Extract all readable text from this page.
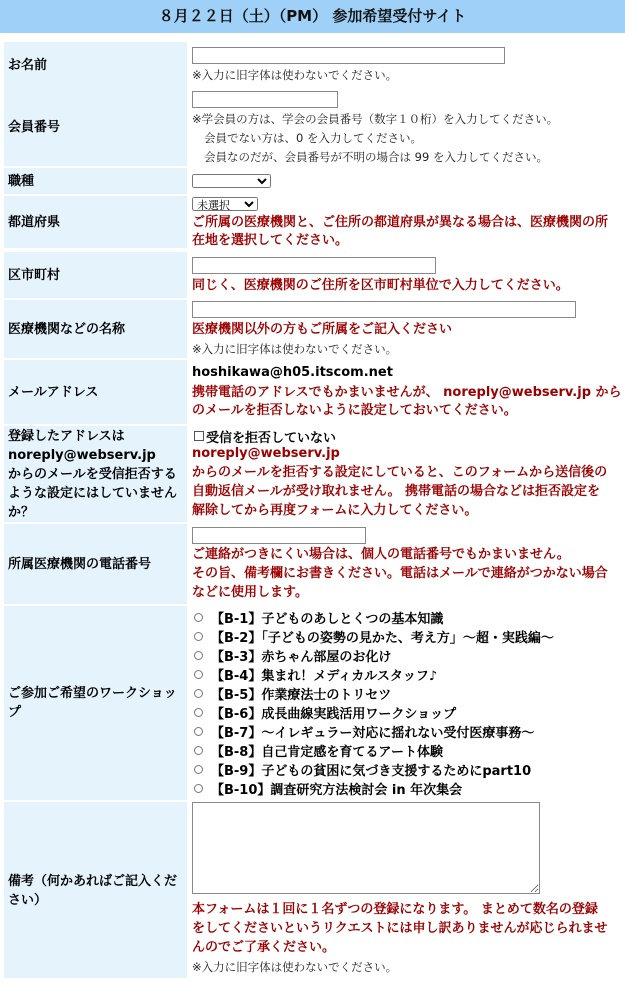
８月２２日（土）（PM） 参加希望受付サイト
お名前
※入力に旧字体は使わないでください。
会員番号
※学会員の方は、学会の会員番号（数字１０桁）を入力してください。
会員でない方は、0 を入力してください。
会員なのだが、会員番号が不明の場合は 99 を入力してください。
職種
都道府県
未選択	ご所属の医療機関と、ご住所の都道府県が異なる場合は、医療機関の所
在地を選択してください。
区市町村
同じく、医療機関のご住所を区市町村単位で入力してください。
医療機関などの名称	医療機関以外の方もご所属をご記入ください
※入力に旧字体は使わないでください。
メールアドレス
hoshikawa@h05.itscom.net
携帯電話のアドレスでもかまいませんが、 noreply@webserv.jp から
のメールを拒否しないように設定しておいてください。
登録したアドレスは
noreply@webserv.jp
からのメールを受信拒否する
ような設定にはしていません
か？
受信を拒否していない
noreply@webserv.jp
からのメールを拒否する設定にしていると、このフォームから送信後の
自動返信メールが受け取れません。 携帯電話の場合などは拒否設定を
解除してから再度フォームに入力してください。
所属医療機関の電話番号
ご連絡がつきにくい場合は、個人の電話番号でもかまいません。
その旨、備考欄にお書きください。電話はメールで連絡がつかない場合
などに使用します。
ご参加ご希望のワークショッ
プ
【B-1】子どものあしとくつの基本知識
【B-2】「子どもの姿勢の見かた、考え方」～超・実践編～
【B-3】赤ちゃん部屋のお化け
【B-4】集まれ！メディカルスタッフ♪
【B-5】作業療法士のトリセツ
【B-6】成長曲線実践活用ワークショップ
【B-7】～イレギュラー対応に揺れない受付医療事務～
【B-8】自己肯定感を育てるアート体験
【B-9】子どもの貧困に気づき支援するためにpart10
【B-10】調査研究方法検討会 in 年次集会
備考（何かあればご記入くだ
さい）
本フォームは１回に１名ずつの登録になります。 まとめて数名の登録
をしてくださいというリクエストには申し訳ありませんが応じられませ
んのでご了承ください。
※入力に旧字体は使わないでください。
